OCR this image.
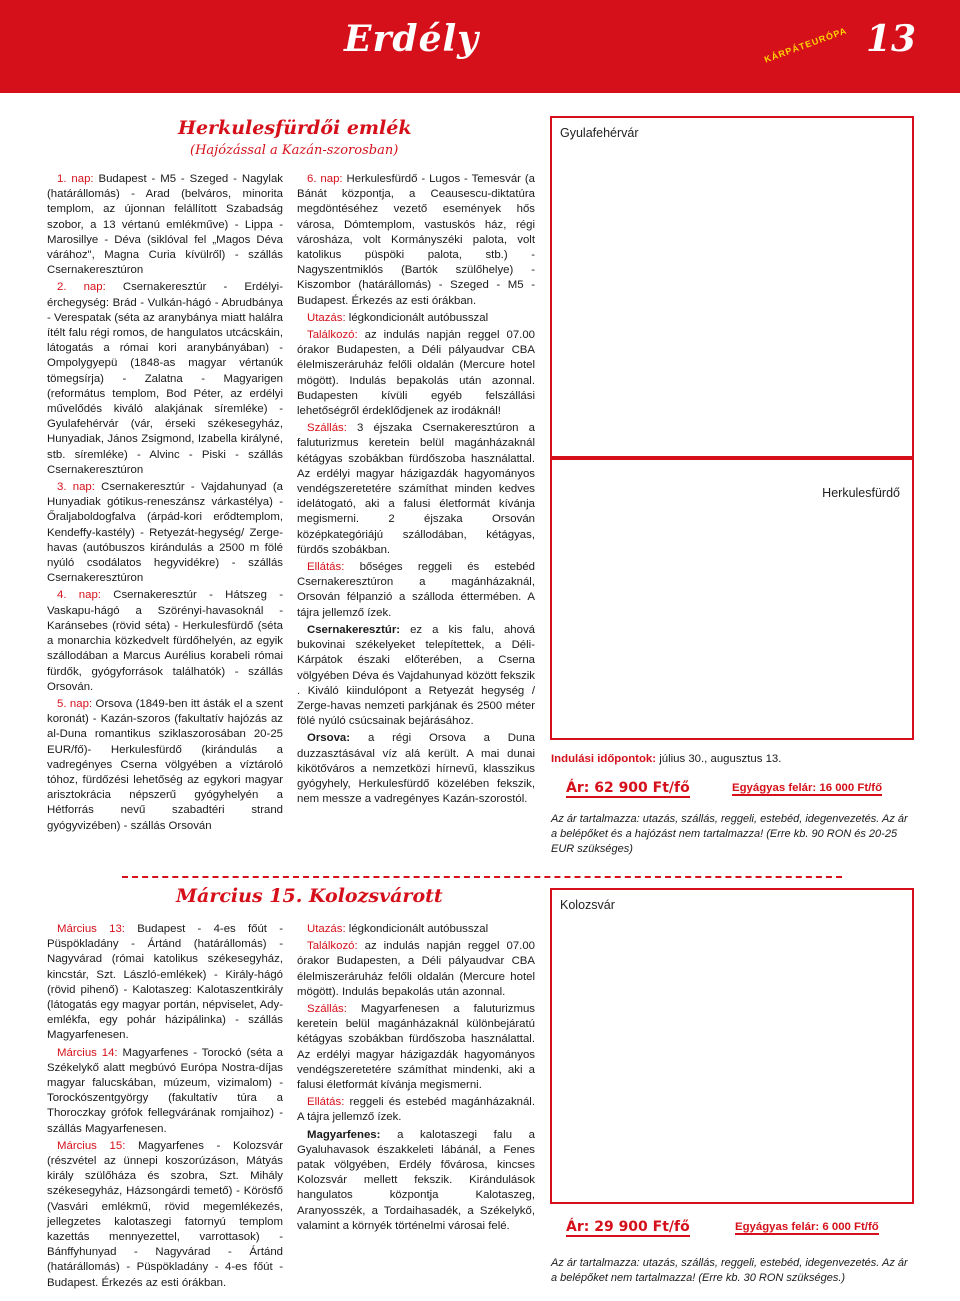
Erdély	KÁRPÁTEURÓPA 13
Herkulesfürdői emlék
(Hajózással a Kazán-szorosban)
Gyulafehérvár
Herkulesfürdő

1. nap: Budapest - M5 - Szeged - Nagylak (határállomás) - Arad (belváros, minorita templom, az újonnan felállított Szabadság szobor, a 13 vértanú emlékműve) - Lippa - Marosillye - Déva (siklóval fel „Magos Déva várához", Magna Curia kívülről) - szállás Csernakeresztúron

2. nap: Csernakeresztúr - Erdélyi-érchegység: Brád - Vulkán-hágó - Abrudbánya - Verespatak (séta az aranybánya miatt halálra ítélt falu régi romos, de hangulatos utcácskáin, látogatás a római kori aranybányában) - Ompolygyepü (1848-as magyar vértanúk tömegsírja) - Zalatna - Magyarigen (református templom, Bod Péter, az erdélyi művelődés kiváló alakjának síremléke) - Gyulafehérvár (vár, érseki székesegyház, Hunyadiak, János Zsigmond, Izabella királyné, stb. síremléke) - Alvinc - Piski - szállás Csernakeresztúron

3. nap: Csernakeresztúr - Vajdahunyad (a Hunyadiak gótikus-reneszánsz várkastélya) - Őraljaboldogfalva (árpád-kori erődtemplom, Kendeffy-kastély) - Retyezát-hegység/ Zerge-havas (autóbuszos kirándulás a 2500 m fölé nyúló csodálatos hegyvidékre) - szállás Csernakeresztúron

4. nap: Csernakeresztúr - Hátszeg - Vaskapu-hágó a Szörényi-havasoknál - Karánsebes (rövid séta) - Herkulesfürdő (séta a monarchia közkedvelt fürdőhelyén, az egyik szállodában a Marcus Aurélius korabeli római fürdők, gyógyforrások találhatók) - szállás Orsován.

5. nap: Orsova (1849-ben itt ásták el a szent koronát) - Kazán-szoros (fakultatív hajózás az al-Duna romantikus sziklaszorosában 20-25 EUR/fő)- Herkulesfürdő (kirándulás a vadregényes Cserna völgyében a víztároló tóhoz, fürdőzési lehetőség az egykori magyar arisztokrácia népszerű gyógyhelyén a Hétforrás nevű szabadtéri strand gyógyvizében) - szállás Orsován

6. nap: Herkulesfürdő - Lugos - Temesvár (a Bánát központja, a Ceausescu-diktatúra megdöntéséhez vezető események hős városa, Dómtemplom, vastuskós ház, régi városháza, volt Kormányszéki palota, volt katolikus püspöki palota, stb.) - Nagyszentmiklós (Bartók szülőhelye) - Kiszombor (határállomás) - Szeged - M5 - Budapest. Érkezés az esti órákban.

Utazás: légkondicionált autóbusszal

Találkozó: az indulás napján reggel 07.00 órakor Budapesten, a Déli pályaudvar CBA élelmiszeráruház felőli oldalán (Mercure hotel mögött). Indulás bepakolás után azonnal. Budapesten kívüli egyéb felszállási lehetőségről érdeklődjenek az irodáknál!

Szállás: 3 éjszaka Csernakeresztúron a faluturizmus keretein belül magánházaknál kétágyas szobákban fürdőszoba használattal. Az erdélyi magyar házigazdák hagyományos vendégszeretetére számíthat minden kedves idelátogató, aki a falusi életformát kívánja megismerni. 2 éjszaka Orsován középkategóriájú szállodában, kétágyas, fürdős szobákban.

Ellátás: bőséges reggeli és estebéd Csernakeresztúron a magánházaknál, Orsován félpanzió a szálloda éttermében. A tájra jellemző ízek.

Csernakeresztúr: ez a kis falu, ahová bukovinai székelyeket telepítettek, a Déli-Kárpátok északi előterében, a Cserna völgyében Déva és Vajdahunyad között fekszik . Kiváló kiindulópont a Retyezát hegység / Zerge-havas nemzeti parkjának és 2500 méter fölé nyúló csúcsainak bejárásához.

Orsova: a régi Orsova a Duna duzzasztásával víz alá került. A mai dunai kikötőváros a nemzetközi hírnevű, klasszikus gyógyhely, Herkulesfürdő közelében fekszik, nem messze a vadregényes Kazán-szorostól.

Indulási időpontok: július 30., augusztus 13.
Ár: 62 900 Ft/fő	Egyágyas felár: 16 000 Ft/fő
Az ár tartalmazza: utazás, szállás, reggeli, estebéd, idegenvezetés. Az ár a belépőket és a hajózást nem tartalmazza! (Erre kb. 90 RON és 20-25 EUR szükséges)
Március 15. Kolozsvárott	Kolozsvár

Március 13: Budapest - 4-es főút - Püspökladány - Ártánd (határállomás) - Nagyvárad (római katolikus székesegyház, kincstár, Szt. László-emlékek) - Király-hágó (rövid pihenő) - Kalotaszeg: Kalotaszentkirály (látogatás egy magyar portán, népviselet, Ady-emlékfa, egy pohár házipálinka) - szállás Magyarfenesen.

Március 14: Magyarfenes - Torockó (séta a Székelykő alatt megbúvó Európa Nostra-díjas magyar falucskában, múzeum, vizimalom) - Torockószentgyörgy (fakultatív túra a Thoroczkay grófok fellegvárának romjaihoz) - szállás Magyarfenesen.

Március 15: Magyarfenes - Kolozsvár (részvétel az ünnepi koszorúzáson, Mátyás király szülőháza és szobra, Szt. Mihály székesegyház, Házsongárdi temető) - Körösfő (Vasvári emlékmű, rövid megemlékezés, jellegzetes kalotaszegi fatornyú templom kazettás mennyezettel, varrottasok) - Bánffyhunyad - Nagyvárad - Ártánd (határállomás) - Püspökladány - 4-es főút - Budapest. Érkezés az esti órákban.

Utazás: légkondicionált autóbusszal

Találkozó: az indulás napján reggel 07.00 órakor Budapesten, a Déli pályaudvar CBA élelmiszeráruház felőli oldalán (Mercure hotel mögött). Indulás bepakolás után azonnal.

Szállás: Magyarfenesen a faluturizmus keretein belül magánházaknál különbejáratú kétágyas szobákban fürdőszoba használattal. Az erdélyi magyar házigazdák hagyományos vendégszeretetére számíthat mindenki, aki a falusi életformát kívánja megismerni.

Ellátás: reggeli és estebéd magánházaknál. A tájra jellemző ízek.

Magyarfenes: a kalotaszegi falu a Gyaluhavasok északkeleti lábánál, a Fenes patak völgyében, Erdély fővárosa, kincses Kolozsvár mellett fekszik. Kirándulások hangulatos központja Kalotaszeg, Aranyosszék, a Tordaihasadék, a Székelykő, valamint a környék történelmi városai felé.	Ár: 29 900 Ft/fő	Egyágyas felár: 6 000 Ft/fő
Az ár tartalmazza: utazás, szállás, reggeli, estebéd, idegenvezetés. Az ár a belépőket nem tartalmazza! (Erre kb. 30 RON szükséges.)
